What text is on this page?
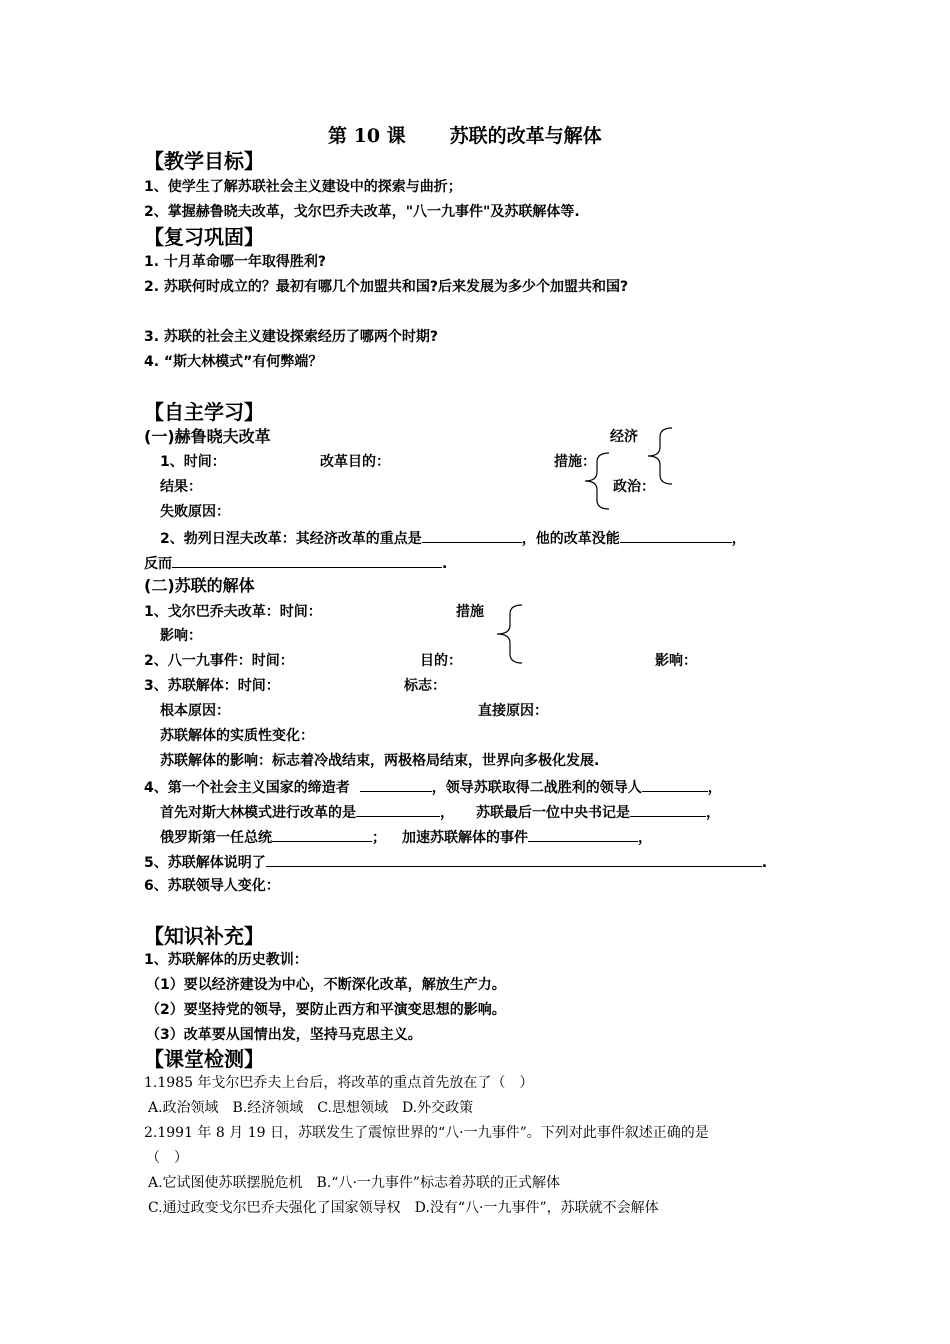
第 10 课 苏联的改革与解体
【教学目标】
1、使学生了解苏联社会主义建设中的探索与曲折；
2、掌握赫鲁晓夫改革，戈尔巴乔夫改革，"八一九事件"及苏联解体等.
【复习巩固】
1. 十月革命哪一年取得胜利?
2. 苏联何时成立的？最初有哪几个加盟共和国?后来发展为多少个加盟共和国?
3. 苏联的社会主义建设探索经历了哪两个时期?
4. “斯大林模式”有何弊端？
【自主学习】
(一)赫鲁晓夫改革	经济
1、时间：	改革目的：	措施：
结果：	政治：
失败原因：
2、勃列日涅夫改革：其经济改革的重点是	，他的改革没能	，
反而	.
(二)苏联的解体
1、戈尔巴乔夫改革：时间：	措施
影响：
2、八一九事件：时间：	目的：	影响：
3、苏联解体：时间：	标志：
根本原因：	直接原因：
苏联解体的实质性变化：
苏联解体的影响：标志着冷战结束，两极格局结束，世界向多极化发展.
4、第一个社会主义国家的缔造者	，领导苏联取得二战胜利的领导人	，
首先对斯大林模式进行改革的是	， 苏联最后一位中央书记是	，
俄罗斯第一任总统	； 加速苏联解体的事件	，
5、苏联解体说明了	.
6、苏联领导人变化：
【知识补充】
1、苏联解体的历史教训：
（1）要以经济建设为中心，不断深化改革，解放生产力。
（2）要坚持党的领导，要防止西方和平演变思想的影响。
（3）改革要从国情出发，坚持马克思主义。
【课堂检测】
1.1985 年戈尔巴乔夫上台后，将改革的重点首先放在了（　）
A.政治领域　B.经济领域　C.思想领域　D.外交政策
2.1991 年 8 月 19 日，苏联发生了震惊世界的“八·一九事件”。下列对此事件叙述正确的是
（　）
A.它试图使苏联摆脱危机　B.“八·一九事件”标志着苏联的正式解体
C.通过政变戈尔巴乔夫强化了国家领导权　D.没有“八·一九事件”，苏联就不会解体
